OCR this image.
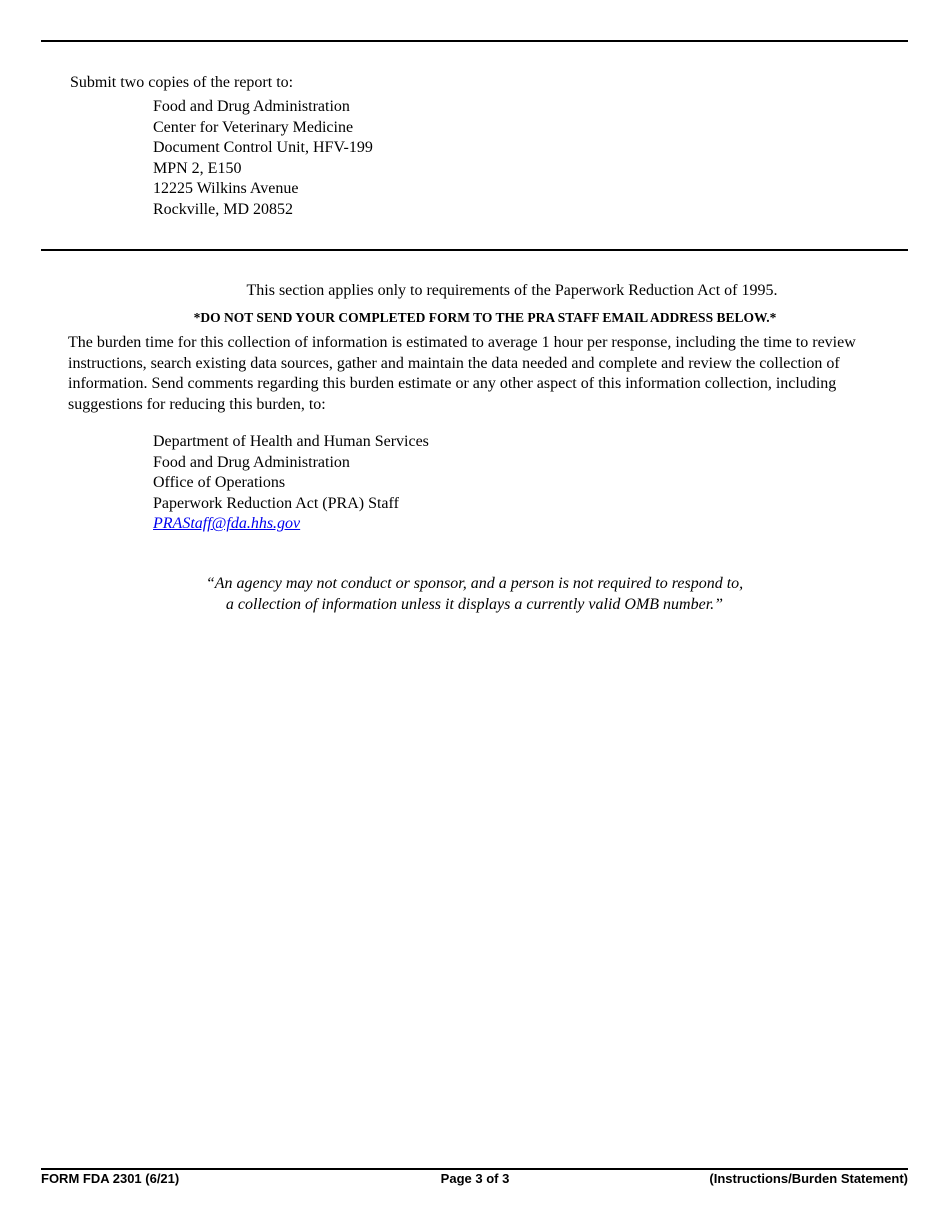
Submit two copies of the report to:
Food and Drug Administration
Center for Veterinary Medicine
Document Control Unit, HFV-199
MPN 2, E150
12225 Wilkins Avenue
Rockville, MD 20852
This section applies only to requirements of the Paperwork Reduction Act of 1995.
*DO NOT SEND YOUR COMPLETED FORM TO THE PRA STAFF EMAIL ADDRESS BELOW.*
The burden time for this collection of information is estimated to average 1 hour per response, including the time to review instructions, search existing data sources, gather and maintain the data needed and complete and review the collection of information. Send comments regarding this burden estimate or any other aspect of this information collection, including suggestions for reducing this burden, to:
Department of Health and Human Services
Food and Drug Administration
Office of Operations
Paperwork Reduction Act (PRA) Staff
PRAStaff@fda.hhs.gov
“An agency may not conduct or sponsor, and a person is not required to respond to,
a collection of information unless it displays a currently valid OMB number.”
FORM FDA 2301 (6/21)	Page 3 of 3	(Instructions/Burden Statement)
